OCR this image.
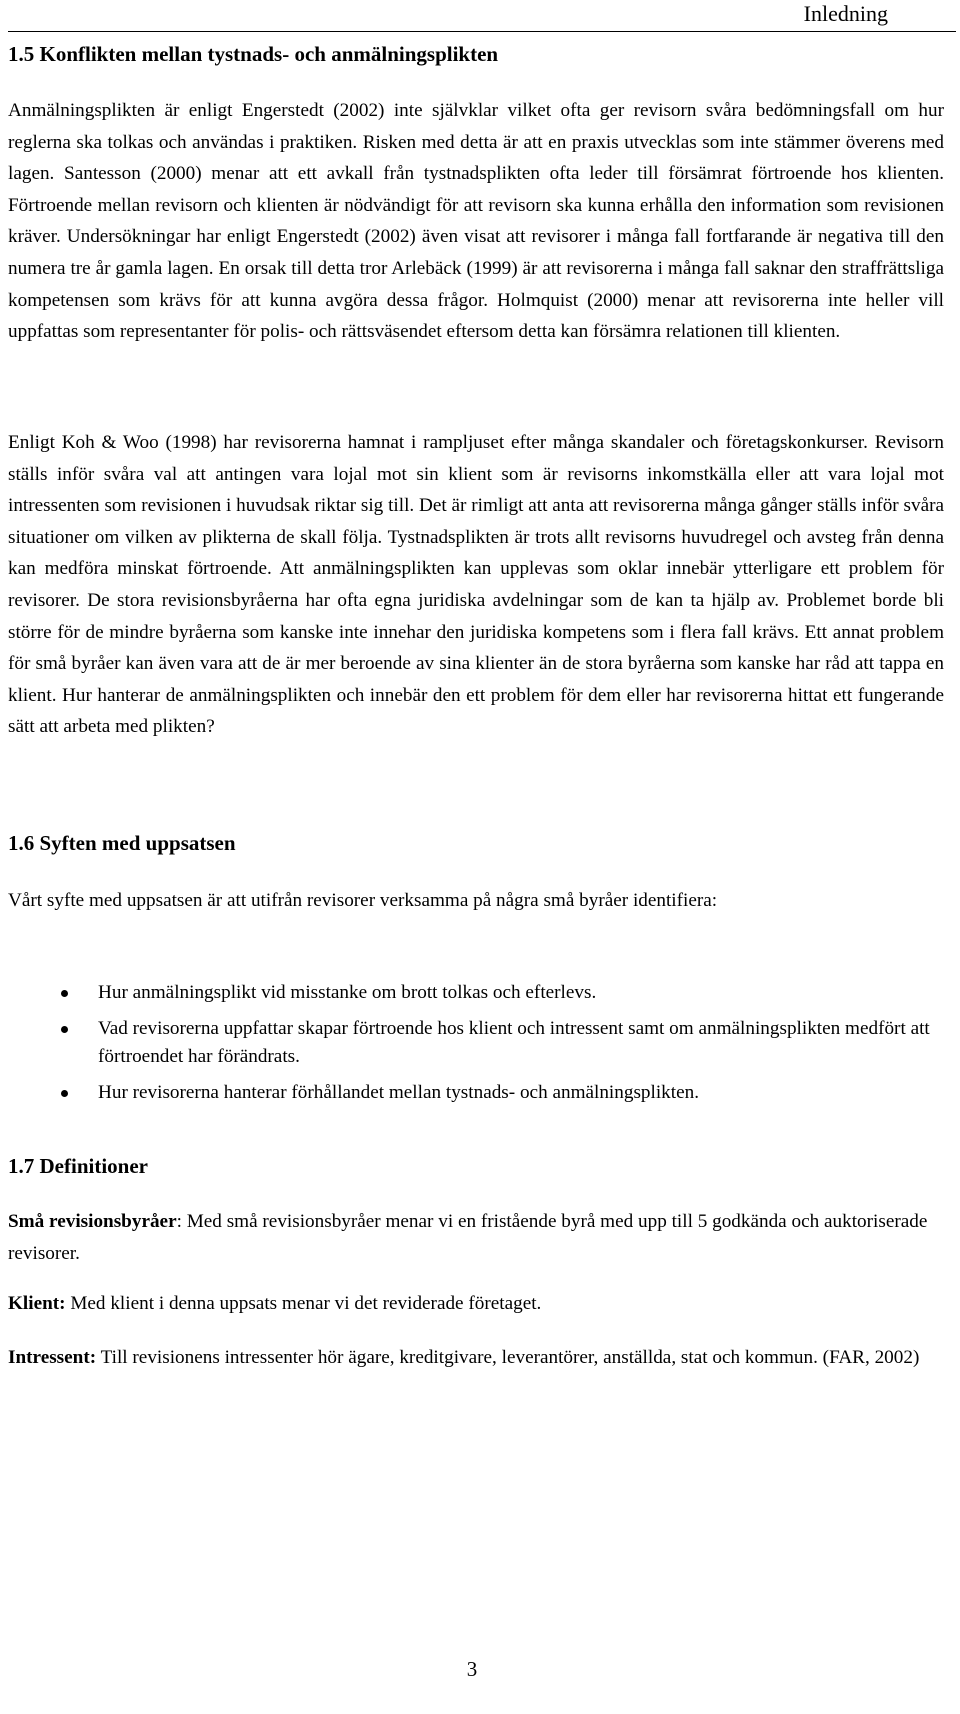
Inledning
1.5 Konflikten mellan tystnads- och anmälningsplikten

Anmälningsplikten är enligt Engerstedt (2002) inte självklar vilket ofta ger revisorn svåra bedömningsfall om hur reglerna ska tolkas och användas i praktiken. Risken med detta är att en praxis utvecklas som inte stämmer överens med lagen. Santesson (2000) menar att ett avkall från tystnadsplikten ofta leder till försämrat förtroende hos klienten. Förtroende mellan revisorn och klienten är nödvändigt för att revisorn ska kunna erhålla den information som revisionen kräver. Undersökningar har enligt Engerstedt (2002) även visat att revisorer i många fall fortfarande är negativa till den numera tre år gamla lagen. En orsak till detta tror Arlebäck (1999) är att revisorerna i många fall saknar den straffrättsliga kompetensen som krävs för att kunna avgöra dessa frågor. Holmquist (2000) menar att revisorerna inte heller vill uppfattas som representanter för polis- och rättsväsendet eftersom detta kan försämra relationen till klienten.

Enligt Koh & Woo (1998) har revisorerna hamnat i rampljuset efter många skandaler och företagskonkurser. Revisorn ställs inför svåra val att antingen vara lojal mot sin klient som är revisorns inkomstkälla eller att vara lojal mot intressenten som revisionen i huvudsak riktar sig till. Det är rimligt att anta att revisorerna många gånger ställs inför svåra situationer om vilken av plikterna de skall följa. Tystnadsplikten är trots allt revisorns huvudregel och avsteg från denna kan medföra minskat förtroende. Att anmälningsplikten kan upplevas som oklar innebär ytterligare ett problem för revisorer. De stora revisionsbyråerna har ofta egna juridiska avdelningar som de kan ta hjälp av. Problemet borde bli större för de mindre byråerna som kanske inte innehar den juridiska kompetens som i flera fall krävs. Ett annat problem för små byråer kan även vara att de är mer beroende av sina klienter än de stora byråerna som kanske har råd att tappa en klient. Hur hanterar de anmälningsplikten och innebär den ett problem för dem eller har revisorerna hittat ett fungerande sätt att arbeta med plikten?

1.6 Syften med uppsatsen

Vårt syfte med uppsatsen är att utifrån revisorer verksamma på några små byråer identifiera:

Hur anmälningsplikt vid misstanke om brott tolkas och efterlevs.
Vad revisorerna uppfattar skapar förtroende hos klient och intressent samt om anmälningsplikten medfört att förtroendet har förändrats.
Hur revisorerna hanterar förhållandet mellan tystnads- och anmälningsplikten.
1.7 Definitioner

Små revisionsbyråer: Med små revisionsbyråer menar vi en fristående byrå med upp till 5 godkända och auktoriserade revisorer.

Klient: Med klient i denna uppsats menar vi det reviderade företaget.

Intressent: Till revisionens intressenter hör ägare, kreditgivare, leverantörer, anställda, stat och kommun. (FAR, 2002)

3
